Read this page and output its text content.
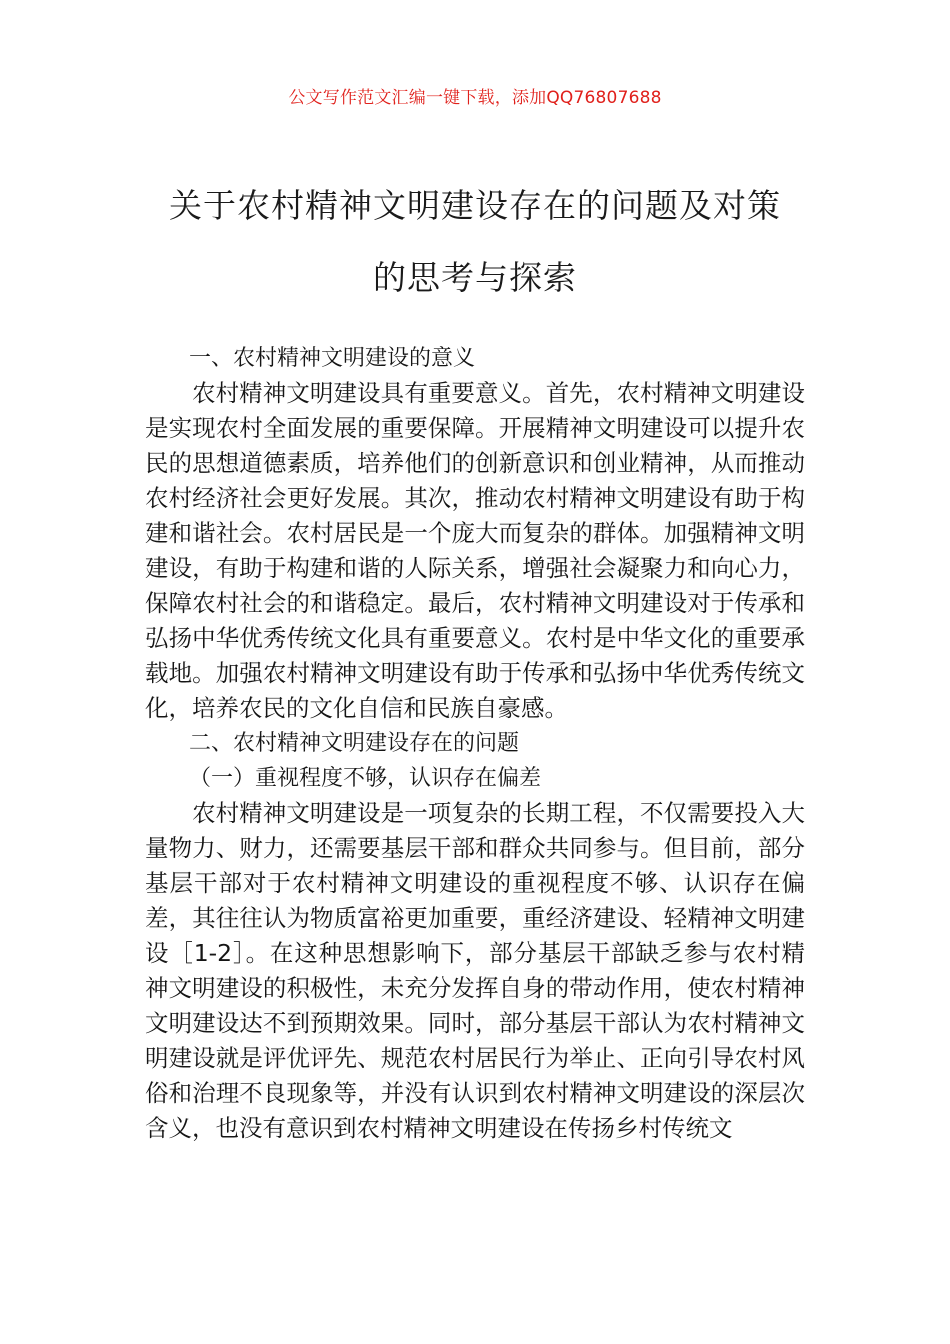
公文写作范文汇编一键下载，添加QQ76807688
关于农村精神文明建设存在的问题及对策
的思考与探索

一、农村精神文明建设的意义

农村精神文明建设具有重要意义。首先，农村精神文明建设是实现农村全面发展的重要保障。开展精神文明建设可以提升农民的思想道德素质，培养他们的创新意识和创业精神，从而推动农村经济社会更好发展。其次，推动农村精神文明建设有助于构建和谐社会。农村居民是一个庞大而复杂的群体。加强精神文明建设，有助于构建和谐的人际关系，增强社会凝聚力和向心力，保障农村社会的和谐稳定。最后，农村精神文明建设对于传承和弘扬中华优秀传统文化具有重要意义。农村是中华文化的重要承载地。加强农村精神文明建设有助于传承和弘扬中华优秀传统文化，培养农民的文化自信和民族自豪感。

二、农村精神文明建设存在的问题

（一）重视程度不够，认识存在偏差

农村精神文明建设是一项复杂的长期工程，不仅需要投入大量物力、财力，还需要基层干部和群众共同参与。但目前，部分基层干部对于农村精神文明建设的重视程度不够、认识存在偏差，其往往认为物质富裕更加重要，重经济建设、轻精神文明建设［1-2］。在这种思想影响下，部分基层干部缺乏参与农村精神文明建设的积极性，未充分发挥自身的带动作用，使农村精神文明建设达不到预期效果。同时，部分基层干部认为农村精神文明建设就是评优评先、规范农村居民行为举止、正向引导农村风俗和治理不良现象等，并没有认识到农村精神文明建设的深层次含义，也没有意识到农村精神文明建设在传扬乡村传统文
